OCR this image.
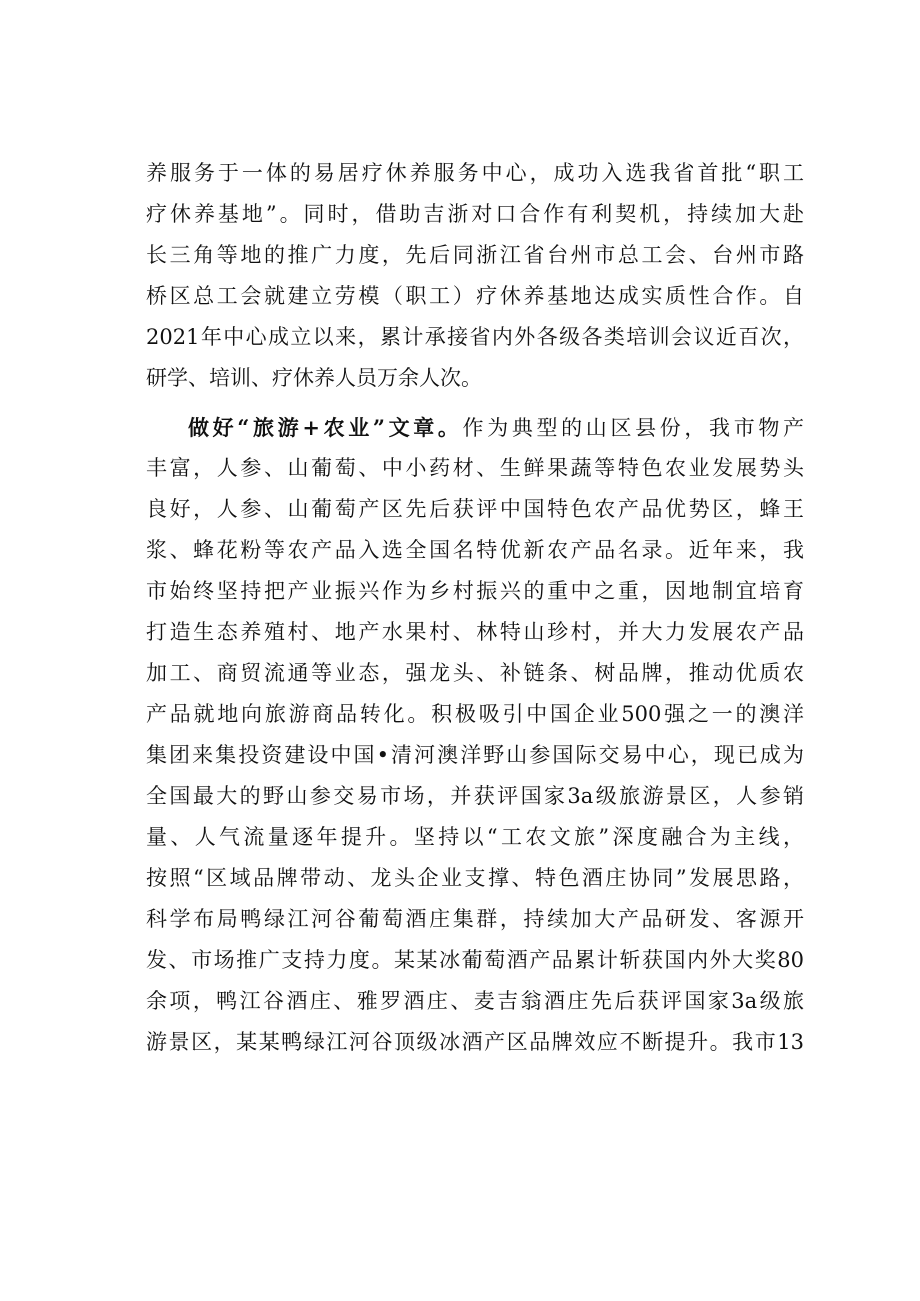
养服务于一体的易居疗休养服务中心，成功入选我省首批“职工
疗休养基地”。同时，借助吉浙对口合作有利契机，持续加大赴
长三角等地的推广力度，先后同浙江省台州市总工会、台州市路
桥区总工会就建立劳模（职工）疗休养基地达成实质性合作。自
2021年中心成立以来，累计承接省内外各级各类培训会议近百次，
研学、培训、疗休养人员万余人次。
做好“旅游+农业”文章。作为典型的山区县份，我市物产
丰富，人参、山葡萄、中小药材、生鲜果蔬等特色农业发展势头
良好，人参、山葡萄产区先后获评中国特色农产品优势区，蜂王
浆、蜂花粉等农产品入选全国名特优新农产品名录。近年来，我
市始终坚持把产业振兴作为乡村振兴的重中之重，因地制宜培育
打造生态养殖村、地产水果村、林特山珍村，并大力发展农产品
加工、商贸流通等业态，强龙头、补链条、树品牌，推动优质农
产品就地向旅游商品转化。积极吸引中国企业500强之一的澳洋
集团来集投资建设中国•清河澳洋野山参国际交易中心，现已成为
全国最大的野山参交易市场，并获评国家3a级旅游景区，人参销
量、人气流量逐年提升。坚持以“工农文旅”深度融合为主线，
按照“区域品牌带动、龙头企业支撑、特色酒庄协同”发展思路，
科学布局鸭绿江河谷葡萄酒庄集群，持续加大产品研发、客源开
发、市场推广支持力度。某某冰葡萄酒产品累计斩获国内外大奖80
余项，鸭江谷酒庄、雅罗酒庄、麦吉翁酒庄先后获评国家3a级旅
游景区，某某鸭绿江河谷顶级冰酒产区品牌效应不断提升。我市13
